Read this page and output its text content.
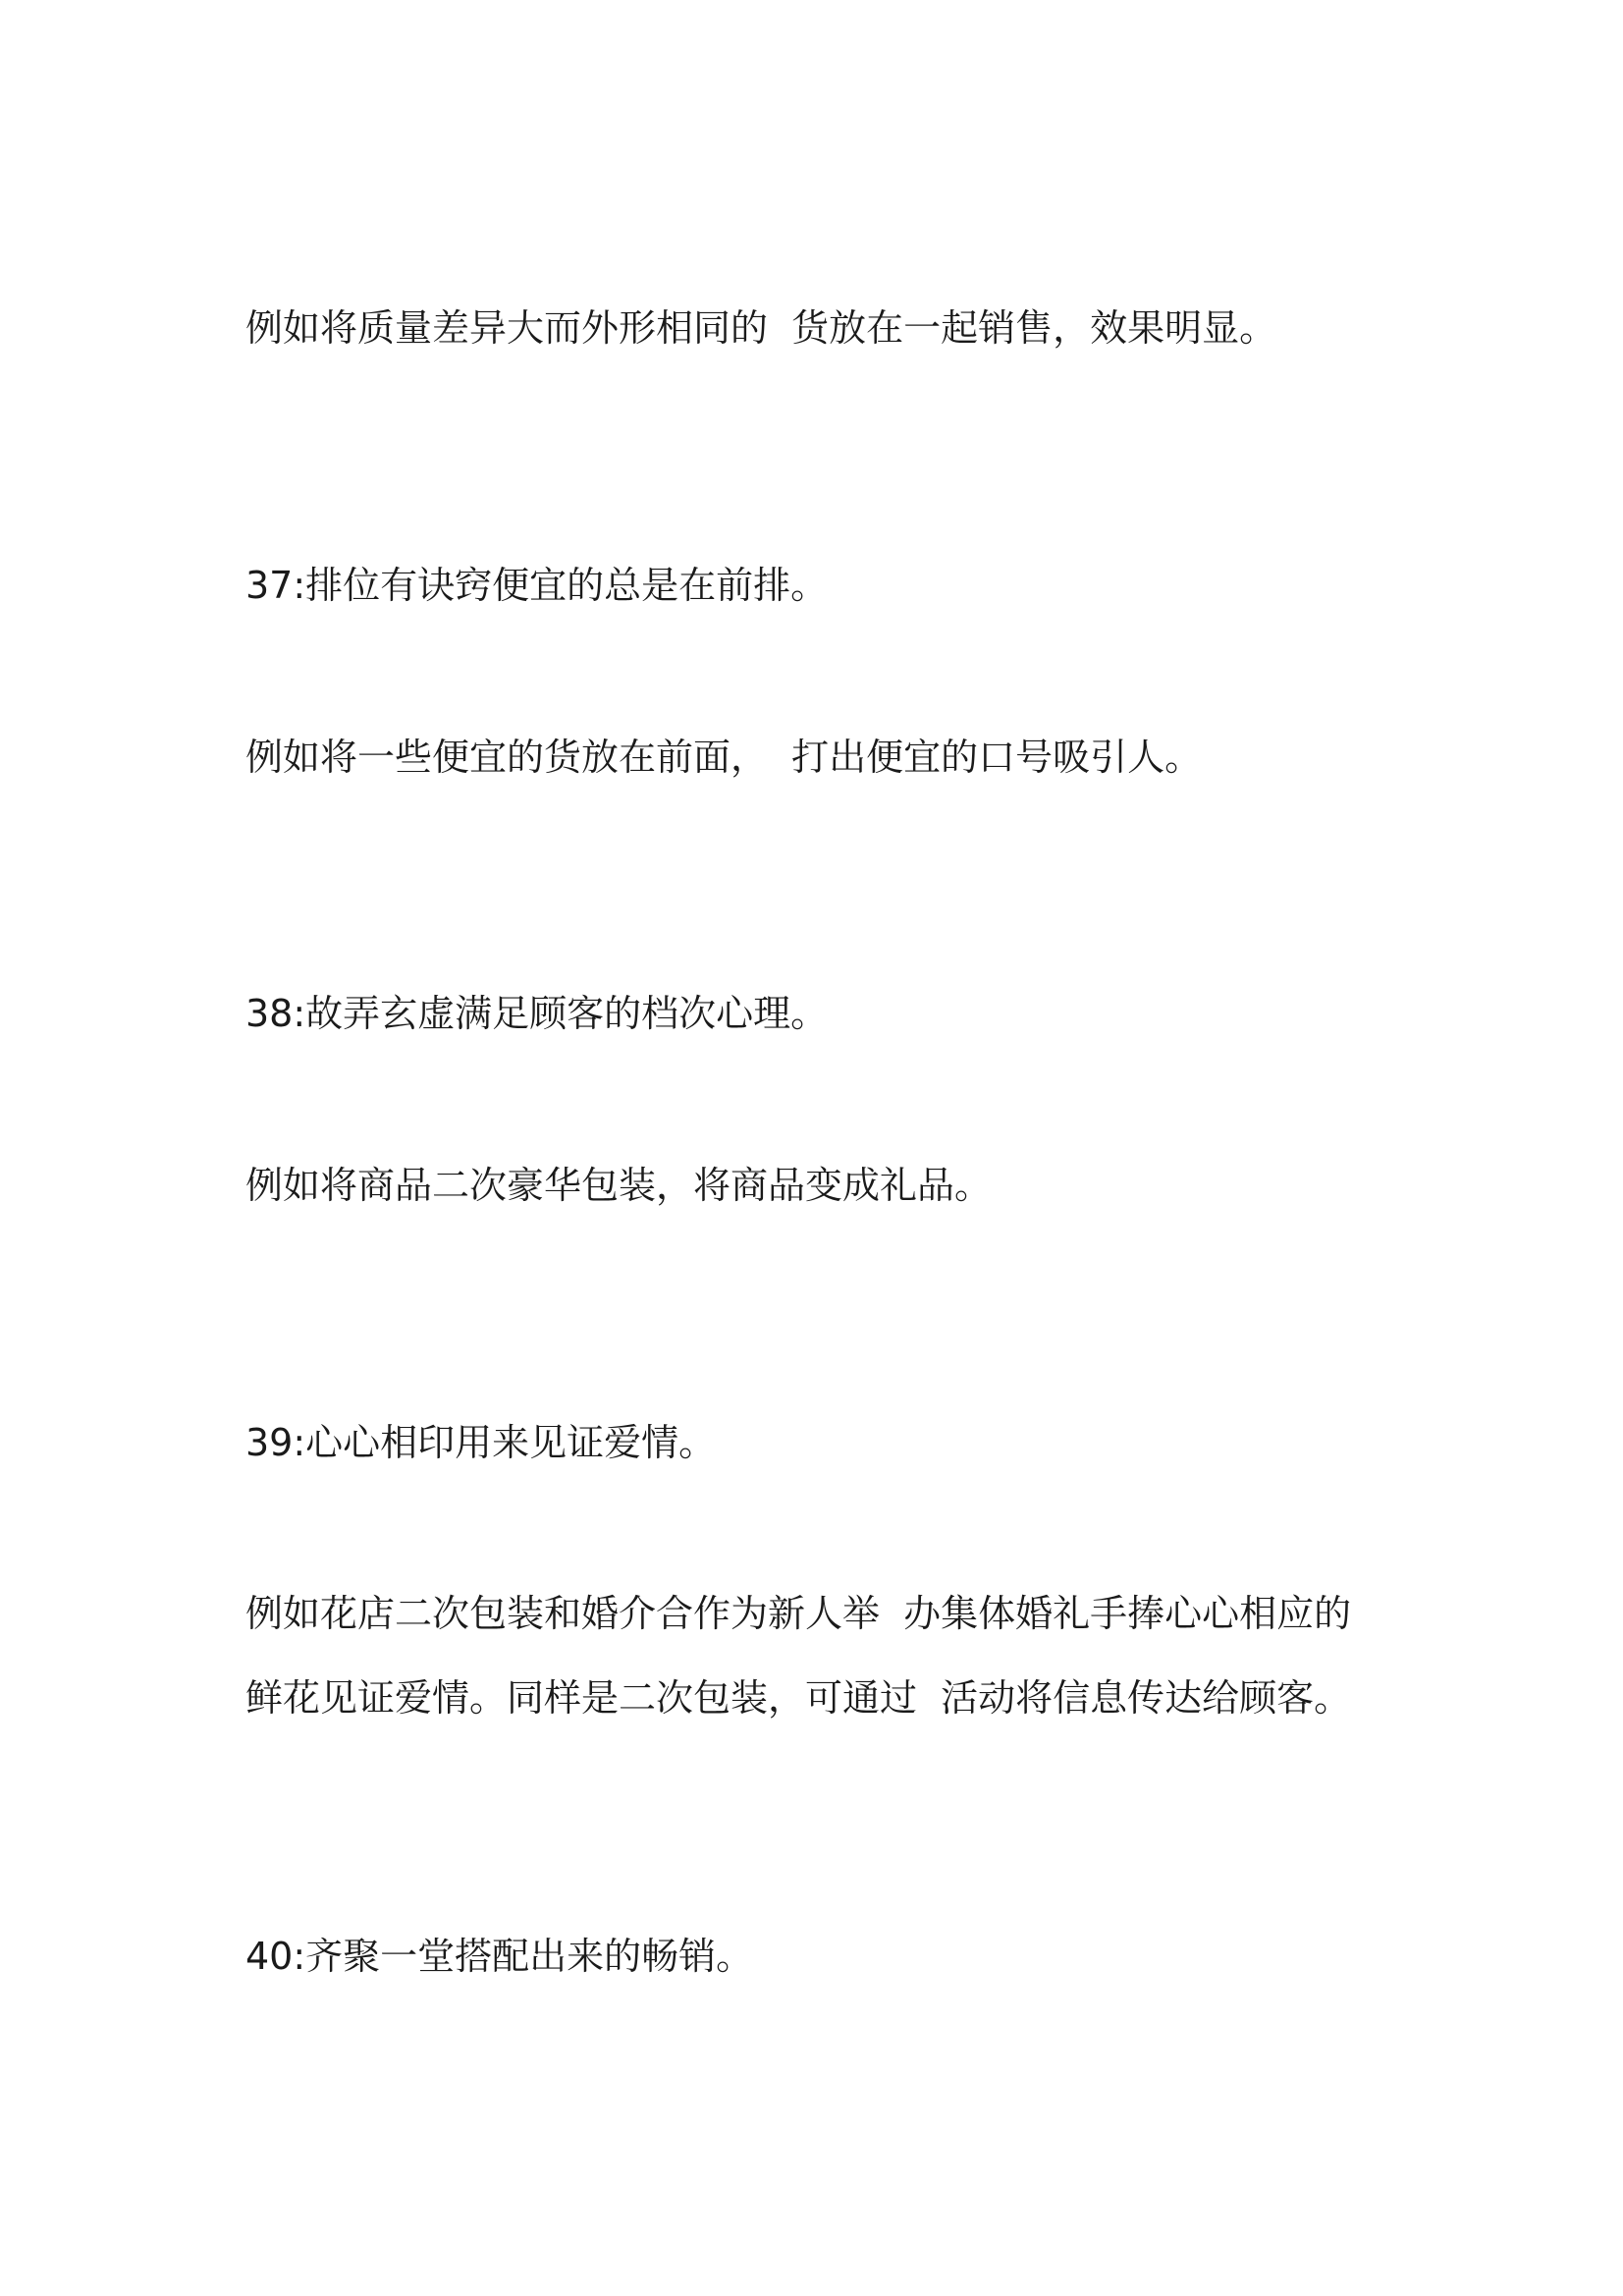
例如将质量差异大而外形相同的  货放在一起销售，效果明显。
37:排位有诀窍便宜的总是在前排。
例如将一些便宜的货放在前面，  打出便宜的口号吸引人。
38:故弄玄虚满足顾客的档次心理。
例如将商品二次豪华包装，将商品变成礼品。
39:心心相印用来见证爱情。
例如花店二次包装和婚介合作为新人举  办集体婚礼手捧心心相应的
鲜花见证爱情。同样是二次包装，可通过  活动将信息传达给顾客。
40:齐聚一堂搭配出来的畅销。
